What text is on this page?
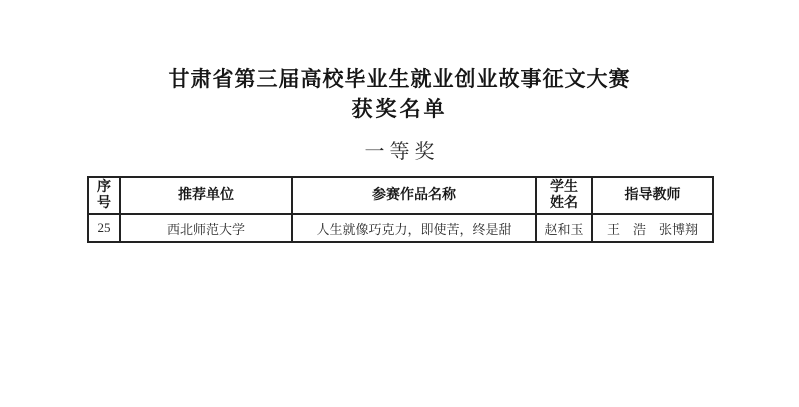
甘肃省第三届高校毕业生就业创业故事征文大赛
获奖名单
一等奖
序号	推荐单位	参赛作品名称	学生姓名	指导教师
25	西北师范大学	人生就像巧克力，即使苦，终是甜	赵和玉	王　浩　张博翔
